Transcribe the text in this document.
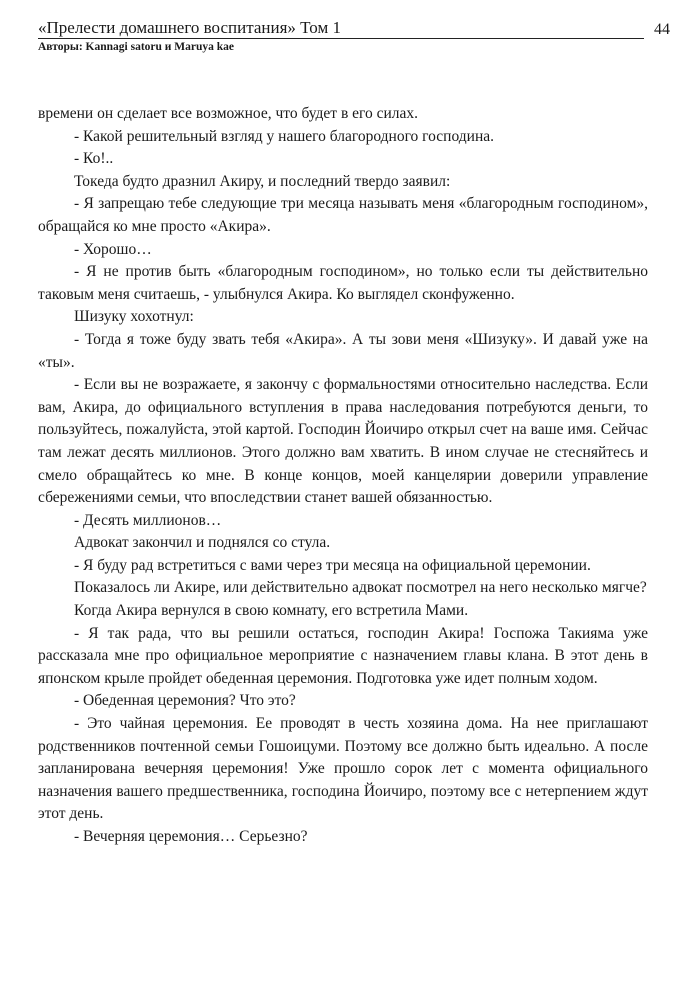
«Прелести домашнего воспитания» Том 1	44
Авторы: Kannagi satoru и Maruya kae

времени он сделает все возможное, что будет в его силах.

- Какой решительный взгляд у нашего благородного господина.

- Ко!..

Токеда будто дразнил Акиру, и последний твердо заявил:

- Я запрещаю тебе следующие три месяца называть меня «благородным господином», обращайся ко мне просто «Акира».

- Хорошо…

- Я не против быть «благородным господином», но только если ты действительно таковым меня считаешь, - улыбнулся Акира. Ко выглядел сконфуженно.

Шизуку хохотнул:

- Тогда я тоже буду звать тебя «Акира». А ты зови меня «Шизуку». И давай уже на «ты».

- Если вы не возражаете, я закончу с формальностями относительно наследства. Если вам, Акира, до официального вступления в права наследования потребуются деньги, то пользуйтесь, пожалуйста, этой картой. Господин Йоичиро открыл счет на ваше имя. Сейчас там лежат десять миллионов. Этого должно вам хватить. В ином случае не стесняйтесь и смело обращайтесь ко мне. В конце концов, моей канцелярии доверили управление сбережениями семьи, что впоследствии станет вашей обязанностью.

- Десять миллионов…

Адвокат закончил и поднялся со стула.

- Я буду рад встретиться с вами через три месяца на официальной церемонии.

Показалось ли Акире, или действительно адвокат посмотрел на него несколько мягче?

Когда Акира вернулся в свою комнату, его встретила Мами.

- Я так рада, что вы решили остаться, господин Акира! Госпожа Такияма уже рассказала мне про официальное мероприятие с назначением главы клана. В этот день в японском крыле пройдет обеденная церемония. Подготовка уже идет полным ходом.

- Обеденная церемония? Что это?

- Это чайная церемония. Ее проводят в честь хозяина дома. На нее приглашают родственников почтенной семьи Гошоицуми. Поэтому все должно быть идеально. А после запланирована вечерняя церемония! Уже прошло сорок лет с момента официального назначения вашего предшественника, господина Йоичиро, поэтому все с нетерпением ждут этот день.

- Вечерняя церемония… Серьезно?
